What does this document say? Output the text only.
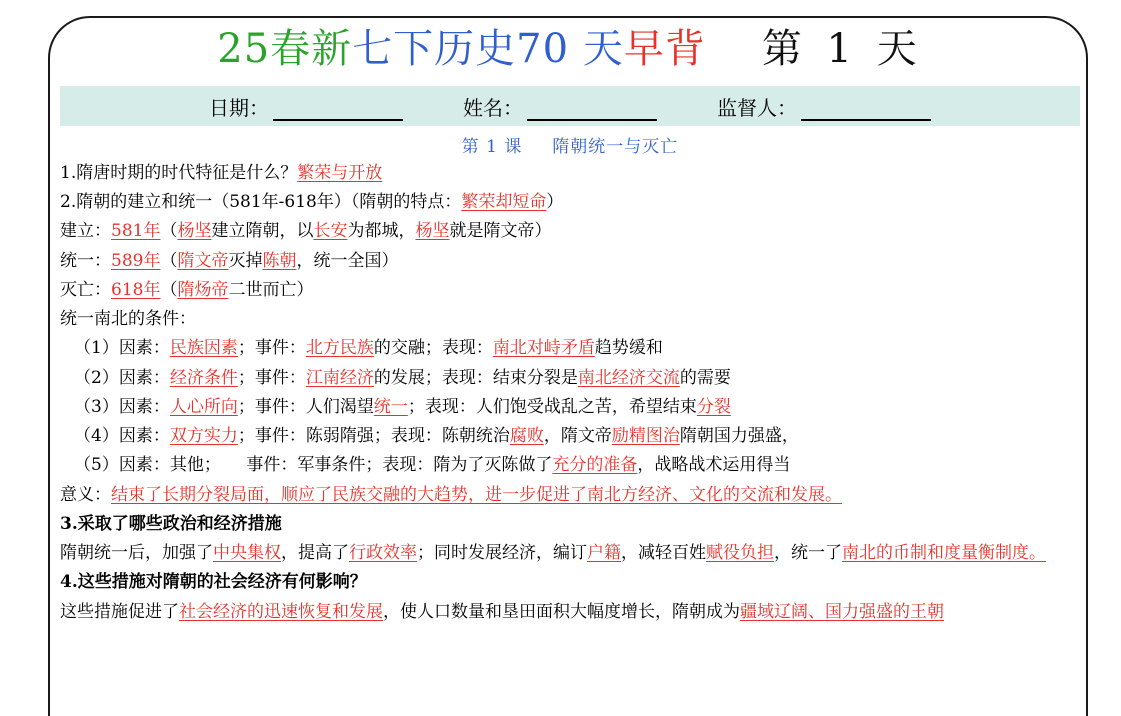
25春新 七下历史70
天 早背 第
1
天
日期：	姓名：	监督人：
第 1 课 隋朝统一与灭亡
1.隋唐时期的时代特征是什么？繁荣与开放
2.隋朝的建立和统一（581年-618年）（隋朝的特点：繁荣却短命）
建立：581年（杨坚建立隋朝，以长安为都城，杨坚就是隋文帝）
统一：589年（隋文帝灭掉陈朝，统一全国）
灭亡：618年（隋炀帝二世而亡）
统一南北的条件：
（1）因素：民族因素；事件：北方民族的交融；表现：南北对峙矛盾趋势缓和
（2）因素：经济条件；事件：江南经济的发展；表现：结束分裂是南北经济交流的需要
（3）因素：人心所向；事件：人们渴望统一；表现：人们饱受战乱之苦，希望结束分裂
（4）因素：双方实力；事件：陈弱隋强；表现：陈朝统治腐败，隋文帝励精图治隋朝国力强盛，
（5）因素：其他；　　 事件：军事条件；表现：隋为了灭陈做了充分的准备，战略战术运用得当
意义：结束了长期分裂局面，顺应了民族交融的大趋势，进一步促进了南北方经济、文化的交流和发展。
3.采取了哪些政治和经济措施
隋朝统一后，加强了中央集权，提高了行政效率；同时发展经济，编订户籍，减轻百姓赋役负担，统一了南北的币制和度量衡制度。
4.这些措施对隋朝的社会经济有何影响？
这些措施促进了社会经济的迅速恢复和发展，使人口数量和垦田面积大幅度增长，隋朝成为疆域辽阔、国力强盛的王朝
